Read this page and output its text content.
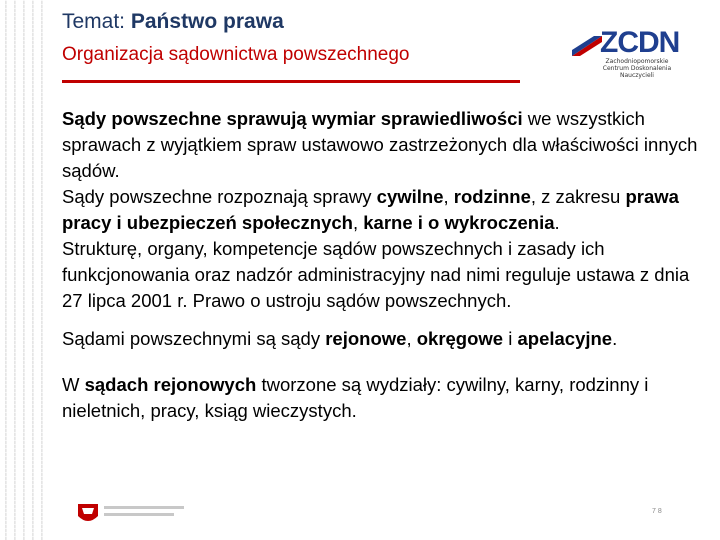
Temat: Państwo prawa
Organizacja sądownictwa powszechnego	ZCDN
Zachodniopomorskie
Centrum Doskonalenia Nauczycieli

Sądy powszechne sprawują wymiar sprawiedliwości we wszystkich sprawach z wyjątkiem spraw ustawowo zastrzeżonych dla właściwości innych sądów.

Sądy powszechne rozpoznają sprawy cywilne, rodzinne, z zakresu prawa pracy i ubezpieczeń społecznych, karne i o wykroczenia.

Strukturę, organy, kompetencje sądów powszechnych i zasady ich funkcjonowania oraz nadzór administracyjny nad nimi reguluje ustawa z dnia 27 lipca 2001 r. Prawo o ustroju sądów powszechnych.

Sądami powszechnymi są sądy rejonowe, okręgowe i apelacyjne.

W sądach rejonowych tworzone są wydziały: cywilny, karny, rodzinny i nieletnich, pracy, ksiąg wieczystych.

7 8
